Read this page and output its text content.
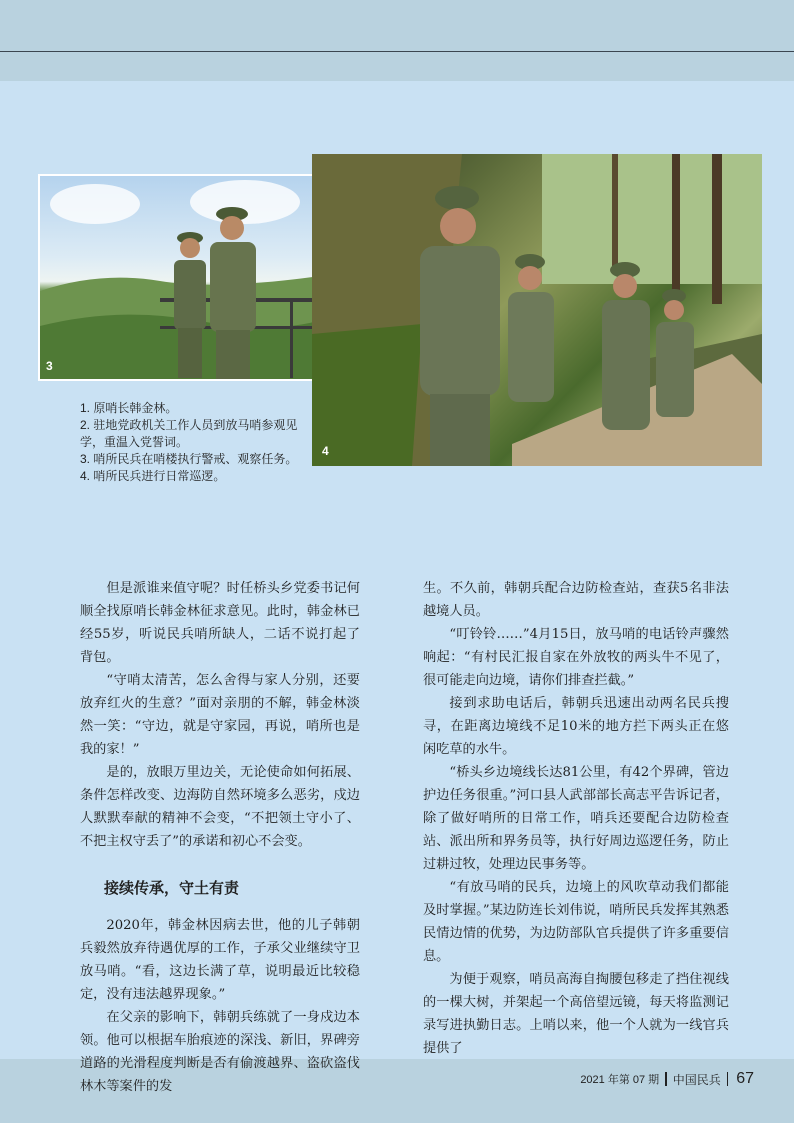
3
4

1. 原哨长韩金林。

2. 驻地党政机关工作人员到放马哨参观见学，重温入党誓词。

3. 哨所民兵在哨楼执行警戒、观察任务。

4. 哨所民兵进行日常巡逻。

但是派谁来值守呢？时任桥头乡党委书记何顺全找原哨长韩金林征求意见。此时，韩金林已经55岁，听说民兵哨所缺人，二话不说打起了背包。

“守哨太清苦，怎么舍得与家人分别，还要放弃红火的生意？”面对亲朋的不解，韩金林淡然一笑：“守边，就是守家园，再说，哨所也是我的家！”

是的，放眼万里边关，无论使命如何拓展、条件怎样改变、边海防自然环境多么恶劣，戍边人默默奉献的精神不会变，“不把领土守小了、不把主权守丢了”的承诺和初心不会变。

接续传承，守土有责

2020年，韩金林因病去世，他的儿子韩朝兵毅然放弃待遇优厚的工作，子承父业继续守卫放马哨。“看，这边长满了草，说明最近比较稳定，没有违法越界现象。”

在父亲的影响下，韩朝兵练就了一身戍边本领。他可以根据车胎痕迹的深浅、新旧，界碑旁道路的光滑程度判断是否有偷渡越界、盗砍盗伐林木等案件的发

生。不久前，韩朝兵配合边防检查站，查获5名非法越境人员。

“叮铃铃……”4月15日，放马哨的电话铃声骤然响起：“有村民汇报自家在外放牧的两头牛不见了，很可能走向边境，请你们排查拦截。”

接到求助电话后，韩朝兵迅速出动两名民兵搜寻，在距离边境线不足10米的地方拦下两头正在悠闲吃草的水牛。

“桥头乡边境线长达81公里，有42个界碑，管边护边任务很重。”河口县人武部部长高志平告诉记者，除了做好哨所的日常工作，哨兵还要配合边防检查站、派出所和界务员等，执行好周边巡逻任务，防止过耕过牧，处理边民事务等。

“有放马哨的民兵，边境上的风吹草动我们都能及时掌握。”某边防连长刘伟说，哨所民兵发挥其熟悉民情边情的优势，为边防部队官兵提供了许多重要信息。

为便于观察，哨员高海自掏腰包移走了挡住视线的一棵大树，并架起一个高倍望远镜，每天将监测记录写进执勤日志。上哨以来，他一个人就为一线官兵提供了

2021 年第 07 期 中国民兵 67
